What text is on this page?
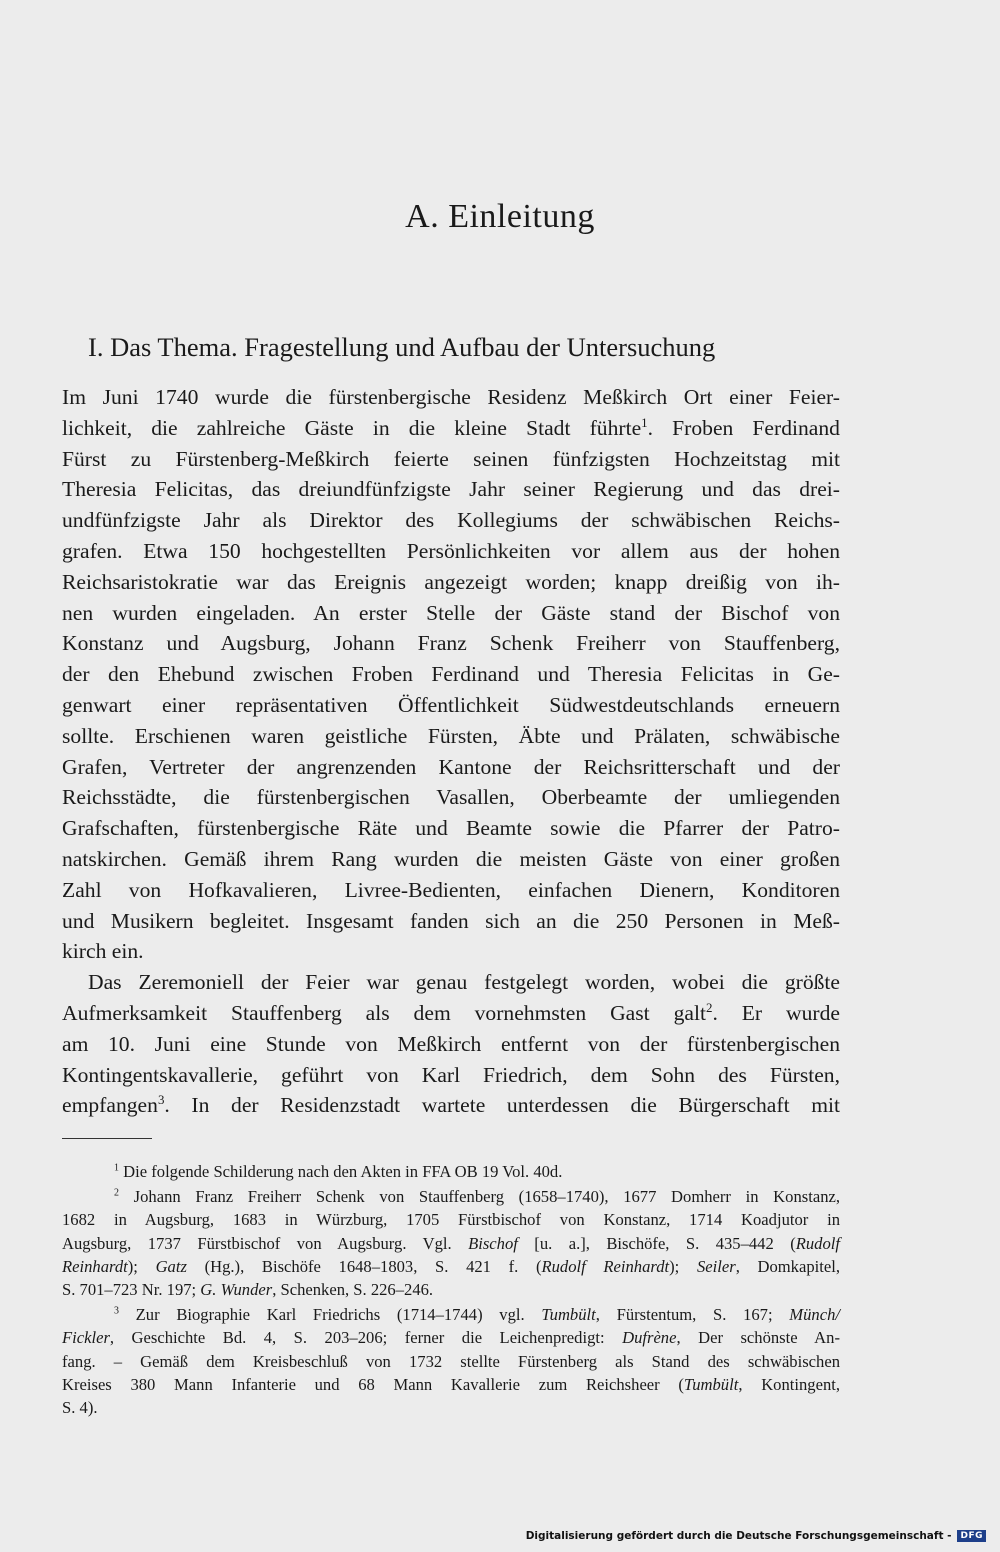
A. Einleitung
I. Das Thema. Fragestellung und Aufbau der Untersuchung

Im Juni 1740 wurde die fürstenbergische Residenz Meßkirch Ort einer Feier-
lichkeit, die zahlreiche Gäste in die kleine Stadt führte$^1$. Froben Ferdinand
Fürst zu Fürstenberg-Meßkirch feierte seinen fünfzigsten Hochzeitstag mit
Theresia Felicitas, das dreiundfünfzigste Jahr seiner Regierung und das drei-
undfünfzigste Jahr als Direktor des Kollegiums der schwäbischen Reichs-
grafen. Etwa 150 hochgestellten Persönlichkeiten vor allem aus der hohen
Reichsaristokratie war das Ereignis angezeigt worden; knapp dreißig von ih-
nen wurden eingeladen. An erster Stelle der Gäste stand der Bischof von
Konstanz und Augsburg, Johann Franz Schenk Freiherr von Stauffenberg,
der den Ehebund zwischen Froben Ferdinand und Theresia Felicitas in Ge-
genwart einer repräsentativen Öffentlichkeit Südwestdeutschlands erneuern
sollte. Erschienen waren geistliche Fürsten, Äbte und Prälaten, schwäbische
Grafen, Vertreter der angrenzenden Kantone der Reichsritterschaft und der
Reichsstädte, die fürstenbergischen Vasallen, Oberbeamte der umliegenden
Grafschaften, fürstenbergische Räte und Beamte sowie die Pfarrer der Patro-
natskirchen. Gemäß ihrem Rang wurden die meisten Gäste von einer großen
Zahl von Hofkavalieren, Livree-Bedienten, einfachen Dienern, Konditoren
und Musikern begleitet. Insgesamt fanden sich an die 250 Personen in Meß-
kirch ein.

Das Zeremoniell der Feier war genau festgelegt worden, wobei die größte
Aufmerksamkeit Stauffenberg als dem vornehmsten Gast galt$^2$. Er wurde
am 10. Juni eine Stunde von Meßkirch entfernt von der fürstenbergischen
Kontingentskavallerie, geführt von Karl Friedrich, dem Sohn des Fürsten,
empfangen$^3$. In der Residenzstadt wartete unterdessen die Bürgerschaft mit

$^1$ Die folgende Schilderung nach den Akten in FFA OB 19 Vol. 40d.
$^2$ Johann Franz Freiherr Schenk von Stauffenberg (1658–1740), 1677 Domherr in Konstanz,
1682 in Augsburg, 1683 in Würzburg, 1705 Fürstbischof von Konstanz, 1714 Koadjutor in
Augsburg, 1737 Fürstbischof von Augsburg. Vgl. Bischof [u. a.], Bischöfe, S. 435–442 (Rudolf
Reinhardt); Gatz (Hg.), Bischöfe 1648–1803, S. 421 f. (Rudolf Reinhardt); Seiler, Domkapitel,
S. 701–723 Nr. 197; G. Wunder, Schenken, S. 226–246.
$^3$ Zur Biographie Karl Friedrichs (1714–1744) vgl. Tumbült, Fürstentum, S. 167; Münch/
Fickler, Geschichte Bd. 4, S. 203–206; ferner die Leichenpredigt: Dufrène, Der schönste An-
fang. – Gemäß dem Kreisbeschluß von 1732 stellte Fürstenberg als Stand des schwäbischen
Kreises 380 Mann Infanterie und 68 Mann Kavallerie zum Reichsheer (Tumbült, Kontingent,
S. 4).
Digitalisierung gefördert durch die Deutsche Forschungsgemeinschaft -	DFG
